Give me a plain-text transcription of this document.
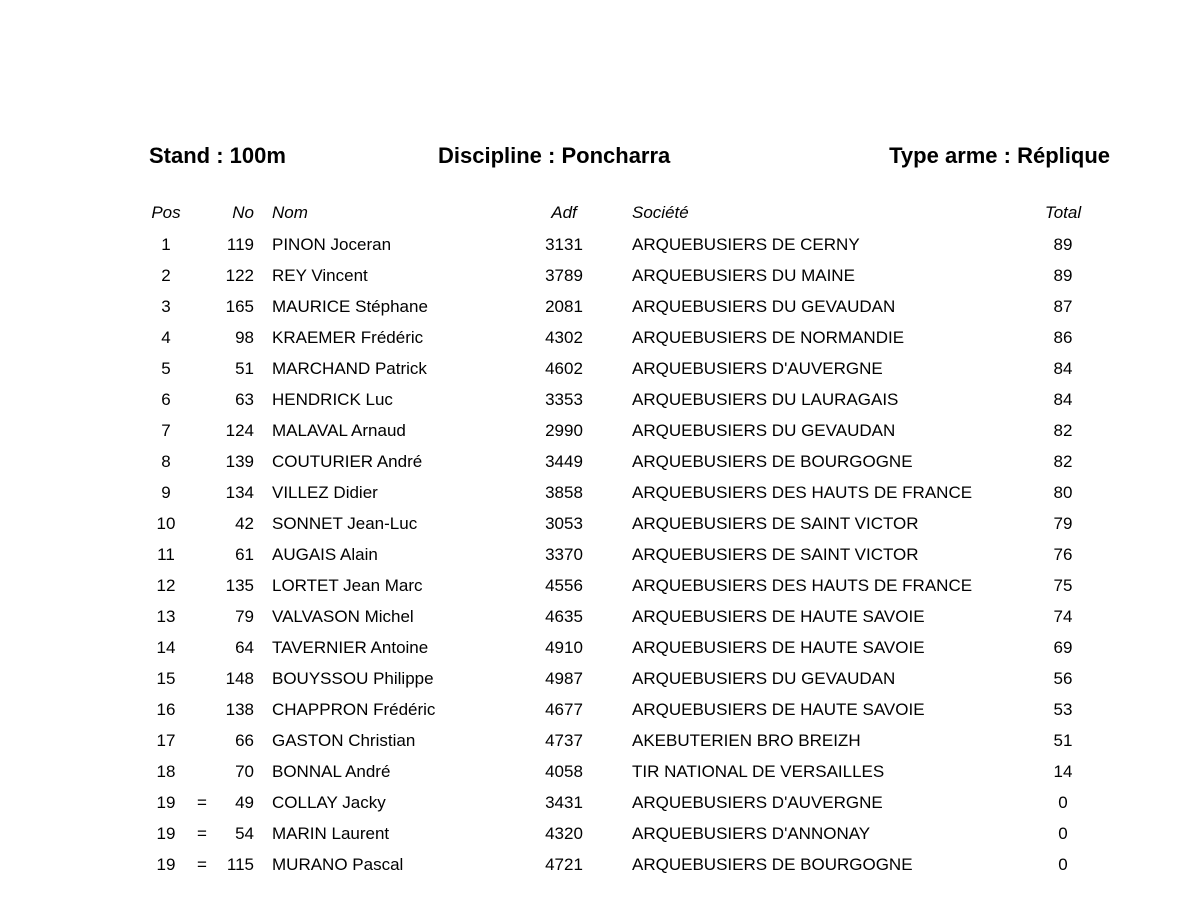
Stand : 100m	Discipline : Poncharra	Type arme : Réplique
Pos	No Nom	Adf	Société	Total
1	119 PINON Joceran	3131	ARQUEBUSIERS DE CERNY	89
2	122 REY Vincent	3789	ARQUEBUSIERS DU MAINE	89
3	165 MAURICE Stéphane	2081	ARQUEBUSIERS DU GEVAUDAN	87
4	98 KRAEMER Frédéric	4302	ARQUEBUSIERS DE NORMANDIE	86
5	51 MARCHAND Patrick	4602	ARQUEBUSIERS D'AUVERGNE	84
6	63 HENDRICK Luc	3353	ARQUEBUSIERS DU LAURAGAIS	84
7	124 MALAVAL Arnaud	2990	ARQUEBUSIERS DU GEVAUDAN	82
8	139 COUTURIER André	3449	ARQUEBUSIERS DE BOURGOGNE	82
9	134 VILLEZ Didier	3858	ARQUEBUSIERS DES HAUTS DE FRANCE	80
10	42 SONNET Jean-Luc	3053	ARQUEBUSIERS DE SAINT VICTOR	79
11	61 AUGAIS Alain	3370	ARQUEBUSIERS DE SAINT VICTOR	76
12	135 LORTET Jean Marc	4556	ARQUEBUSIERS DES HAUTS DE FRANCE	75
13	79 VALVASON Michel	4635	ARQUEBUSIERS DE HAUTE SAVOIE	74
14	64 TAVERNIER Antoine	4910	ARQUEBUSIERS DE HAUTE SAVOIE	69
15	148 BOUYSSOU Philippe	4987	ARQUEBUSIERS DU GEVAUDAN	56
16	138 CHAPPRON Frédéric	4677	ARQUEBUSIERS DE HAUTE SAVOIE	53
17	66 GASTON Christian	4737	AKEBUTERIEN BRO BREIZH	51
18	70 BONNAL André	4058	TIR NATIONAL DE VERSAILLES	14
19	=	49 COLLAY Jacky	3431	ARQUEBUSIERS D'AUVERGNE	0
19	=	54 MARIN Laurent	4320	ARQUEBUSIERS D'ANNONAY	0
19	=	115 MURANO Pascal	4721	ARQUEBUSIERS DE BOURGOGNE	0
